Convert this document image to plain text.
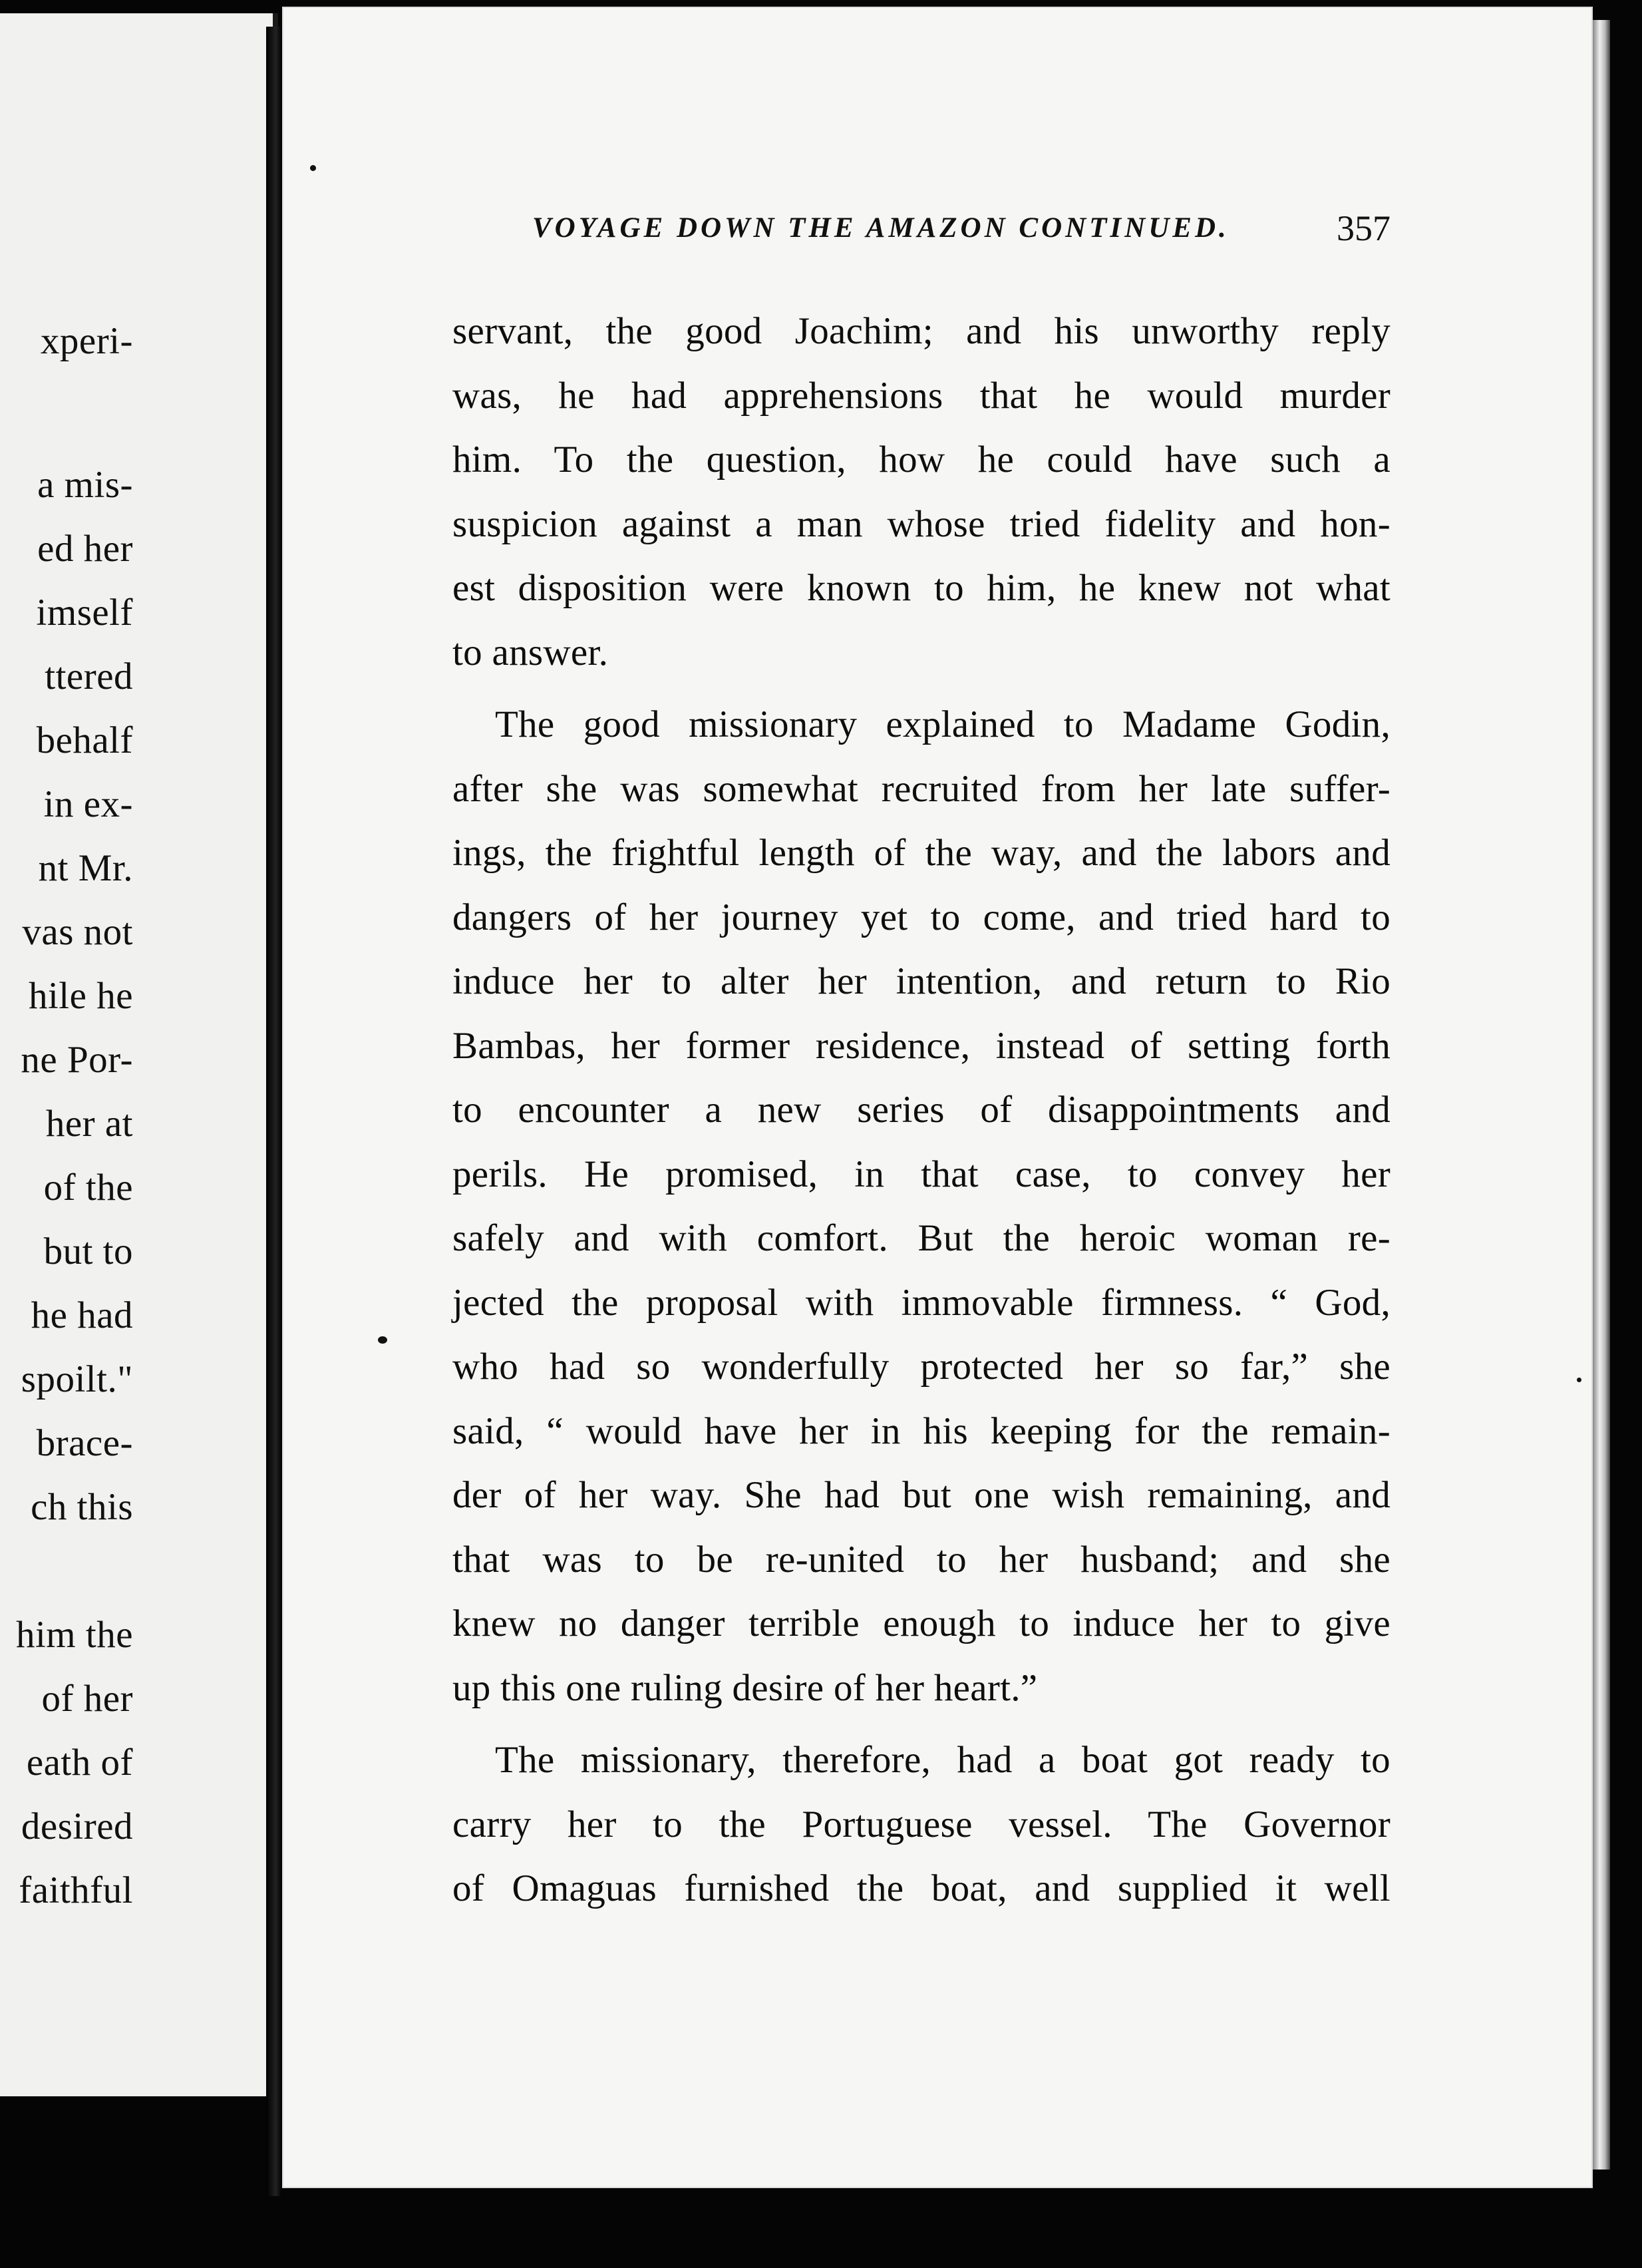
xperi-
a mis-
ed her
imself
ttered
behalf
in ex-
nt Mr.
vas not
hile he
ne Por-
her at
of the
but to
he had
spoilt."
brace-
ch this
him the
of her
eath of
desired
faithful
VOYAGE DOWN THE AMAZON CONTINUED.	357
servant, the good Joachim; and his unworthy reply
was, he had apprehensions that he would murder
him. To the question, how he could have such a
suspicion against a man whose tried fidelity and hon-
est disposition were known to him, he knew not what
to answer.
The good missionary explained to Madame Godin,
after she was somewhat recruited from her late suffer-
ings, the frightful length of the way, and the labors and
dangers of her journey yet to come, and tried hard to
induce her to alter her intention, and return to Rio
Bambas, her former residence, instead of setting forth
to encounter a new series of disappointments and
perils. He promised, in that case, to convey her
safely and with comfort. But the heroic woman re-
jected the proposal with immovable firmness. “ God,
who had so wonderfully protected her so far,” she
said, “ would have her in his keeping for the remain-
der of her way. She had but one wish remaining, and
that was to be re-united to her husband; and she
knew no danger terrible enough to induce her to give
up this one ruling desire of her heart.”
The missionary, therefore, had a boat got ready to
carry her to the Portuguese vessel. The Governor
of Omaguas furnished the boat, and supplied it well
